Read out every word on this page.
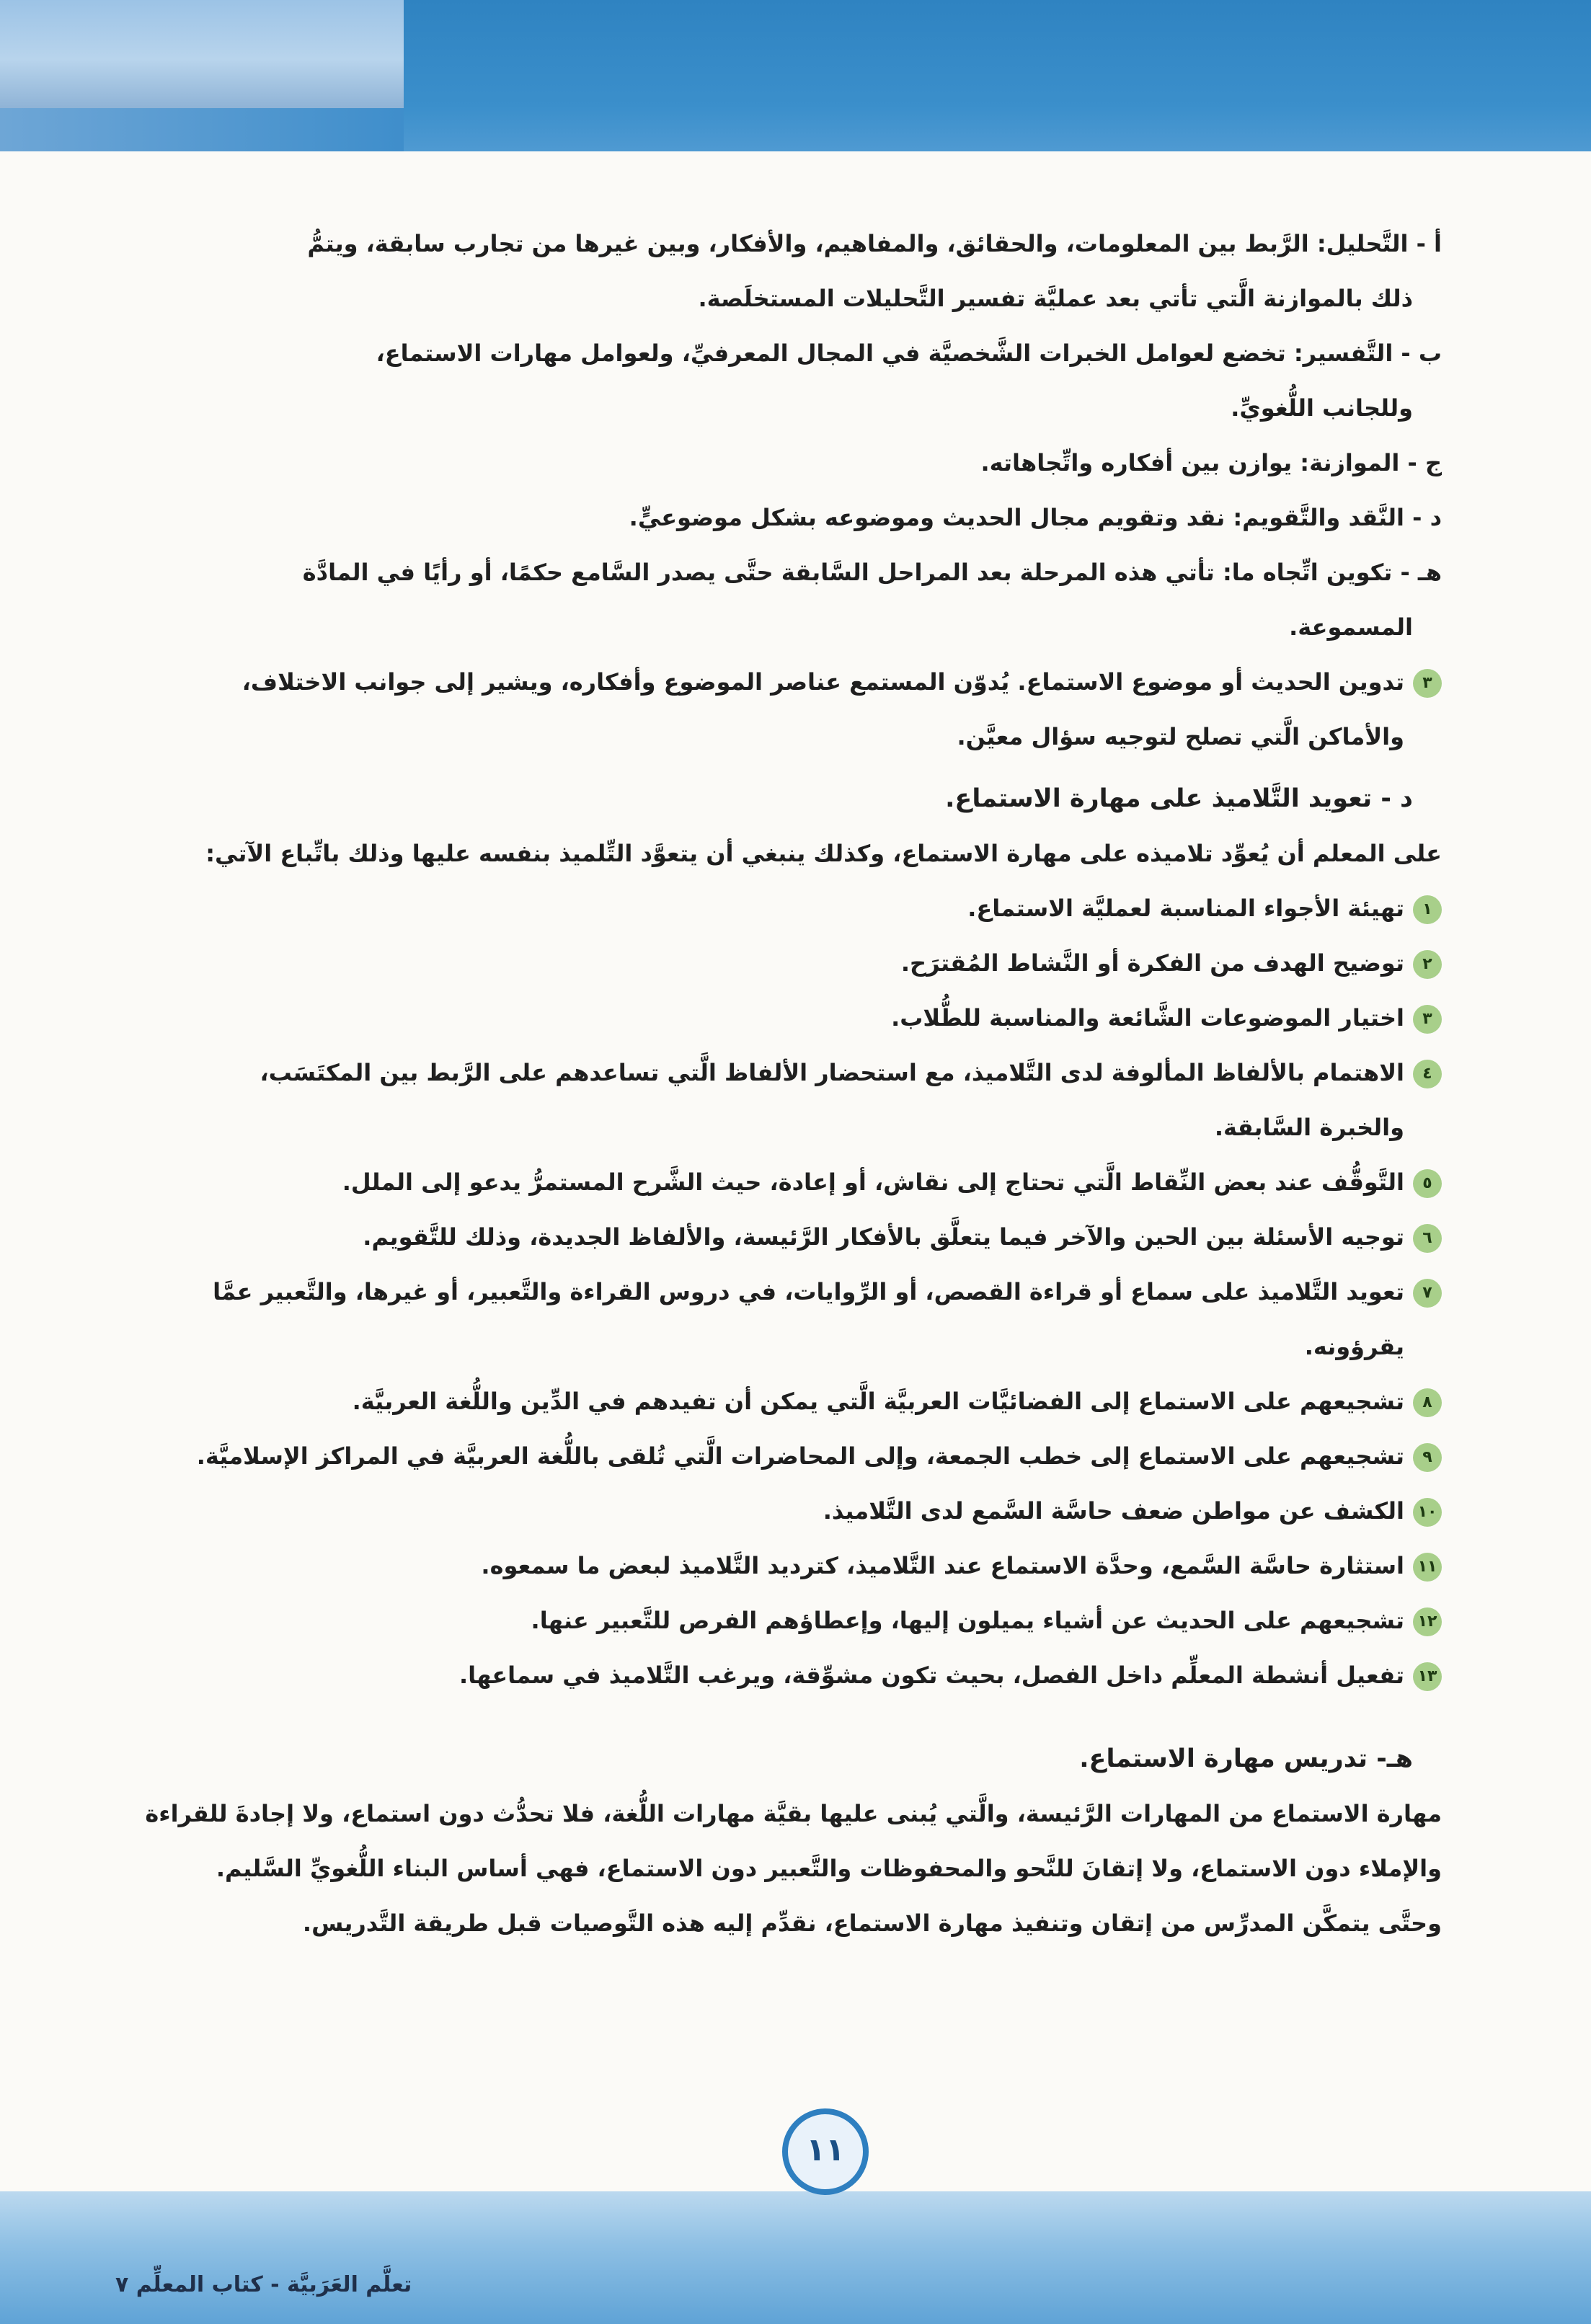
أ - التَّحليل: الرَّبط بين المعلومات، والحقائق، والمفاهيم، والأفكار، وبين غيرها من تجارب سابقة، ويتمُّ
ذلك بالموازنة الَّتي تأتي بعد عمليَّة تفسير التَّحليلات المستخلَصة.
ب - التَّفسير: تخضع لعوامل الخبرات الشَّخصيَّة في المجال المعرفيِّ، ولعوامل مهارات الاستماع،
وللجانب اللُّغويِّ.
ج - الموازنة: يوازن بين أفكاره واتِّجاهاته.
د - النَّقد والتَّقويم: نقد وتقويم مجال الحديث وموضوعه بشكل موضوعيٍّ.
هـ - تكوين اتِّجاه ما: تأتي هذه المرحلة بعد المراحل السَّابقة حتَّى يصدر السَّامع حكمًا، أو رأيًا في المادَّة
المسموعة.
٣تدوين الحديث أو موضوع الاستماع. يُدوّن المستمع عناصر الموضوع وأفكاره، ويشير إلى جوانب الاختلاف،
والأماكن الَّتي تصلح لتوجيه سؤال معيَّن.
د - تعويد التَّلاميذ على مهارة الاستماع.
على المعلم أن يُعوِّد تلاميذه على مهارة الاستماع، وكذلك ينبغي أن يتعوَّد التِّلميذ بنفسه عليها وذلك باتِّباع الآتي:
١تهيئة الأجواء المناسبة لعمليَّة الاستماع.
٢توضيح الهدف من الفكرة أو النَّشاط المُقترَح.
٣اختيار الموضوعات الشَّائعة والمناسبة للطُّلاب.
٤الاهتمام بالألفاظ المألوفة لدى التَّلاميذ، مع استحضار الألفاظ الَّتي تساعدهم على الرَّبط بين المكتَسَب،
والخبرة السَّابقة.
٥التَّوقُّف عند بعض النِّقاط الَّتي تحتاج إلى نقاش، أو إعادة، حيث الشَّرح المستمرُّ يدعو إلى الملل.
٦توجيه الأسئلة بين الحين والآخر فيما يتعلَّق بالأفكار الرَّئيسة، والألفاظ الجديدة، وذلك للتَّقويم.
٧تعويد التَّلاميذ على سماع أو قراءة القصص، أو الرِّوايات، في دروس القراءة والتَّعبير، أو غيرها، والتَّعبير عمَّا
يقرؤونه.
٨تشجيعهم على الاستماع إلى الفضائيَّات العربيَّة الَّتي يمكن أن تفيدهم في الدِّين واللُّغة العربيَّة.
٩تشجيعهم على الاستماع إلى خطب الجمعة، وإلى المحاضرات الَّتي تُلقى باللُّغة العربيَّة في المراكز الإسلاميَّة.
١٠الكشف عن مواطن ضعف حاسَّة السَّمع لدى التَّلاميذ.
١١استثارة حاسَّة السَّمع، وحدَّة الاستماع عند التَّلاميذ، كترديد التَّلاميذ لبعض ما سمعوه.
١٢تشجيعهم على الحديث عن أشياء يميلون إليها، وإعطاؤهم الفرص للتَّعبير عنها.
١٣تفعيل أنشطة المعلِّم داخل الفصل، بحيث تكون مشوِّقة، ويرغب التَّلاميذ في سماعها.
هـ- تدريس مهارة الاستماع.
مهارة الاستماع من المهارات الرَّئيسة، والَّتي يُبنى عليها بقيَّة مهارات اللُّغة، فلا تحدُّث دون استماع، ولا إجادةَ للقراءة
والإملاء دون الاستماع، ولا إتقانَ للنَّحو والمحفوظات والتَّعبير دون الاستماع، فهي أساس البناء اللُّغويِّ السَّليم.
وحتَّى يتمكَّن المدرِّس من إتقان وتنفيذ مهارة الاستماع، نقدِّم إليه هذه التَّوصيات قبل طريقة التَّدريس.
١١
تعلَّم العَرَبيَّة - كتاب المعلِّم ٧
